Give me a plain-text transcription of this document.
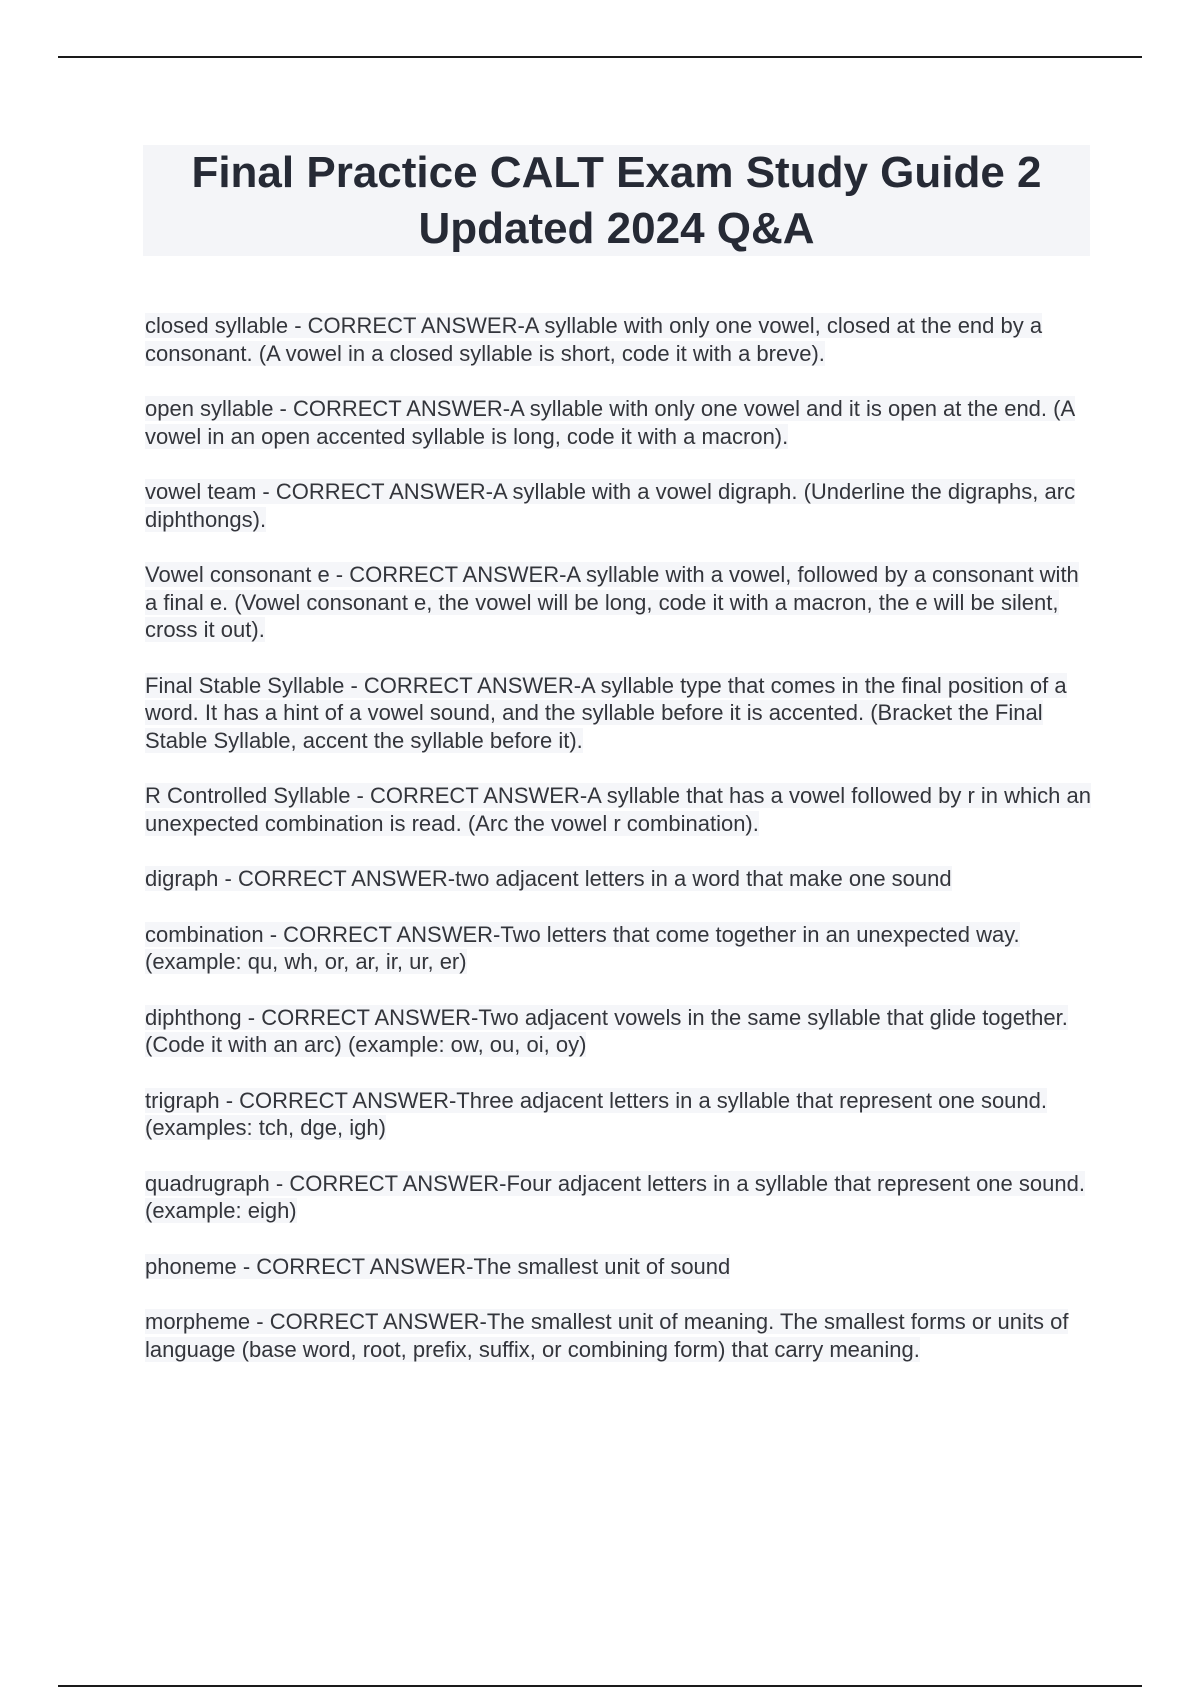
Final Practice CALT Exam Study Guide 2
Updated 2024 Q&A

closed syllable - CORRECT ANSWER-A syllable with only one vowel, closed at the end by a consonant. (A vowel in a closed syllable is short, code it with a breve).

open syllable - CORRECT ANSWER-A syllable with only one vowel and it is open at the end. (A vowel in an open accented syllable is long, code it with a macron).

vowel team - CORRECT ANSWER-A syllable with a vowel digraph. (Underline the digraphs, arc diphthongs).

Vowel consonant e - CORRECT ANSWER-A syllable with a vowel, followed by a consonant with a final e. (Vowel consonant e, the vowel will be long, code it with a macron, the e will be silent, cross it out).

Final Stable Syllable - CORRECT ANSWER-A syllable type that comes in the final position of a word. It has a hint of a vowel sound, and the syllable before it is accented. (Bracket the Final Stable Syllable, accent the syllable before it).

R Controlled Syllable - CORRECT ANSWER-A syllable that has a vowel followed by r in which an unexpected combination is read. (Arc the vowel r combination).

digraph - CORRECT ANSWER-two adjacent letters in a word that make one sound

combination - CORRECT ANSWER-Two letters that come together in an unexpected way. (example: qu, wh, or, ar, ir, ur, er)

diphthong - CORRECT ANSWER-Two adjacent vowels in the same syllable that glide together. (Code it with an arc) (example: ow, ou, oi, oy)

trigraph - CORRECT ANSWER-Three adjacent letters in a syllable that represent one sound. (examples: tch, dge, igh)

quadrugraph - CORRECT ANSWER-Four adjacent letters in a syllable that represent one sound. (example: eigh)

phoneme - CORRECT ANSWER-The smallest unit of sound

morpheme - CORRECT ANSWER-The smallest unit of meaning. The smallest forms or units of language (base word, root, prefix, suffix, or combining form) that carry meaning.
